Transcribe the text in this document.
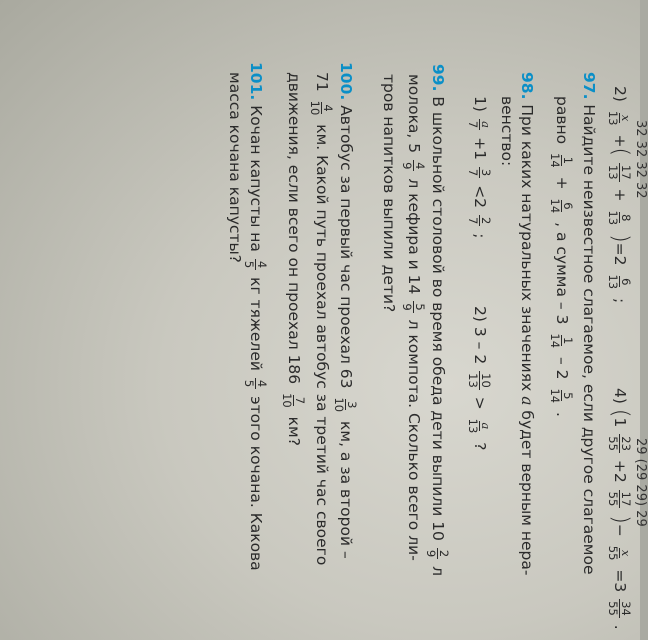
32 32 32 32
29 (29 29) 29
2)
x
13
+(
17
13
+
8
13
)=2
6
13
;
4) (1
23
55
+2
17
55
)−
x
55
=3
34
55
.
97. Найдите неизвестное слагаемое, если другое слагаемое
равно
1
14
+
6
14
, а сумма – 3
1
14
– 2
5
14
.
98. При каких натуральных значениях a будет верным нера-
венство:
1)
a
7
+1
3
7
<2
2
7
;
2) 3 – 2
10
13
>
a
13
?
99. В школьной столовой во время обеда дети выпили 10
2
9
л
молока, 5
4
9
л кефира и 14
5
9
л компота. Сколько всего ли-
тров напитков выпили дети?
100. Автобус за первый час проехал 63
3
10
км, а за второй –
71
4
10
км. Какой путь проехал автобус за третий час своего
движения, если всего он проехал 186
7
10
км?
101. Кочан капусты на
4
5
кг тяжелей
4
5
этого кочана. Какова
масса кочана капусты?
